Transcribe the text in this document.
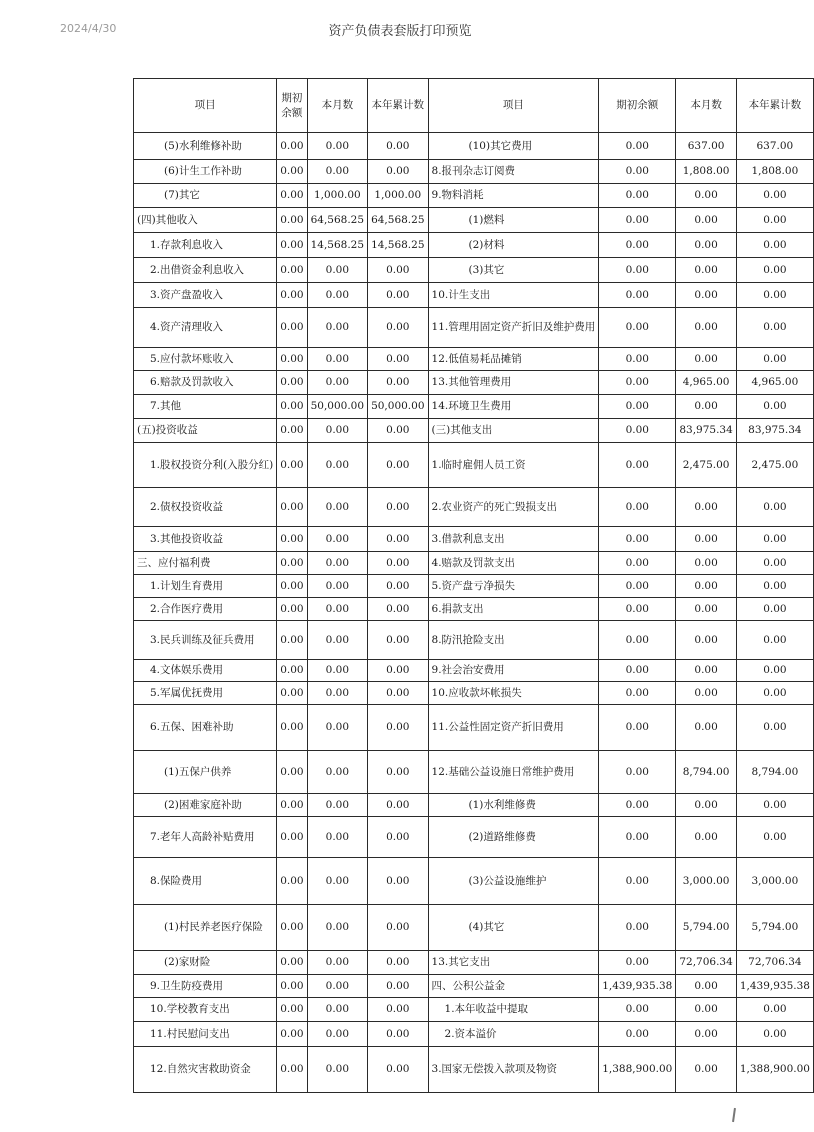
2024/4/30	资产负债表套版打印预览
项目	期初余额	本月数	本年累计数	项目	期初余额	本月数	本年累计数
(5)水利维修补助	0.00	0.00	0.00	(10)其它费用	0.00	637.00	637.00
(6)计生工作补助	0.00	0.00	0.00	8.报刊杂志订阅费	0.00	1,808.00	1,808.00
(7)其它	0.00	1,000.00	1,000.00	9.物料消耗	0.00	0.00	0.00
(四)其他收入	0.00	64,568.25	64,568.25	(1)燃料	0.00	0.00	0.00
1.存款利息收入	0.00	14,568.25	14,568.25	(2)材料	0.00	0.00	0.00
2.出借资金利息收入	0.00	0.00	0.00	(3)其它	0.00	0.00	0.00
3.资产盘盈收入	0.00	0.00	0.00	10.计生支出	0.00	0.00	0.00
4.资产清理收入	0.00	0.00	0.00	11.管理用固定资产折旧及维护费用	0.00	0.00	0.00
5.应付款坏账收入	0.00	0.00	0.00	12.低值易耗品摊销	0.00	0.00	0.00
6.赔款及罚款收入	0.00	0.00	0.00	13.其他管理费用	0.00	4,965.00	4,965.00
7.其他	0.00	50,000.00	50,000.00	14.环境卫生费用	0.00	0.00	0.00
(五)投资收益	0.00	0.00	0.00	(三)其他支出	0.00	83,975.34	83,975.34
1.股权投资分利(入股分红)	0.00	0.00	0.00	1.临时雇佣人员工资	0.00	2,475.00	2,475.00
2.债权投资收益	0.00	0.00	0.00	2.农业资产的死亡毁损支出	0.00	0.00	0.00
3.其他投资收益	0.00	0.00	0.00	3.借款利息支出	0.00	0.00	0.00
三、应付福利费	0.00	0.00	0.00	4.赔款及罚款支出	0.00	0.00	0.00
1.计划生育费用	0.00	0.00	0.00	5.资产盘亏净损失	0.00	0.00	0.00
2.合作医疗费用	0.00	0.00	0.00	6.捐款支出	0.00	0.00	0.00
3.民兵训练及征兵费用	0.00	0.00	0.00	8.防汛抢险支出	0.00	0.00	0.00
4.文体娱乐费用	0.00	0.00	0.00	9.社会治安费用	0.00	0.00	0.00
5.军属优抚费用	0.00	0.00	0.00	10.应收款坏帐损失	0.00	0.00	0.00
6.五保、困难补助	0.00	0.00	0.00	11.公益性固定资产折旧费用	0.00	0.00	0.00
(1)五保户供养	0.00	0.00	0.00	12.基础公益设施日常维护费用	0.00	8,794.00	8,794.00
(2)困难家庭补助	0.00	0.00	0.00	(1)水利维修费	0.00	0.00	0.00
7.老年人高龄补贴费用	0.00	0.00	0.00	(2)道路维修费	0.00	0.00	0.00
8.保险费用	0.00	0.00	0.00	(3)公益设施维护	0.00	3,000.00	3,000.00
(1)村民养老医疗保险	0.00	0.00	0.00	(4)其它	0.00	5,794.00	5,794.00
(2)家财险	0.00	0.00	0.00	13.其它支出	0.00	72,706.34	72,706.34
9.卫生防疫费用	0.00	0.00	0.00	四、公积公益金	1,439,935.38	0.00	1,439,935.38
10.学校教育支出	0.00	0.00	0.00	1.本年收益中提取	0.00	0.00	0.00
11.村民慰问支出	0.00	0.00	0.00	2.资本溢价	0.00	0.00	0.00
12.自然灾害救助资金	0.00	0.00	0.00	3.国家无偿拨入款项及物资	1,388,900.00	0.00	1,388,900.00
